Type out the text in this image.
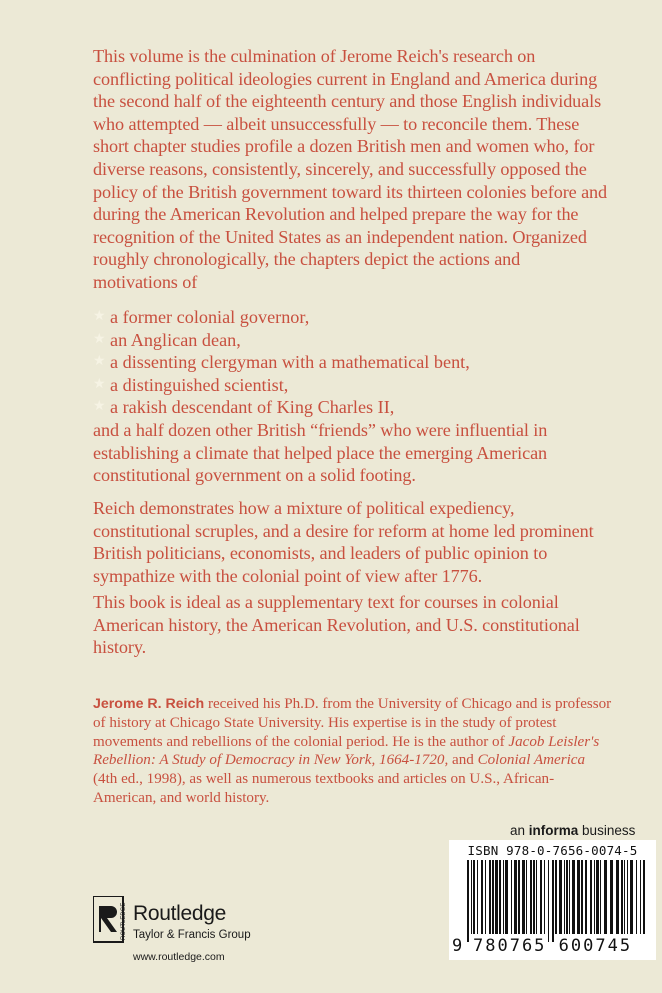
This volume is the culmination of Jerome Reich's research on conflicting political ideologies current in England and America during the second half of the eighteenth century and those English individuals who attempted — albeit unsuccessfully — to reconcile them. These short chapter studies profile a dozen British men and women who, for diverse reasons, consistently, sincerely, and successfully opposed the policy of the British government toward its thirteen colonies before and during the American Revolution and helped prepare the way for the recognition of the United States as an independent nation. Organized roughly chronologically, the chapters depict the actions and motivations of
★ a former colonial governor,
★ an Anglican dean,
★ a dissenting clergyman with a mathematical bent,
★ a distinguished scientist,
★ a rakish descendant of King Charles II,
and a half dozen other British “friends” who were influential in establishing a climate that helped place the emerging American constitutional government on a solid footing.
Reich demonstrates how a mixture of political expediency, constitutional scruples, and a desire for reform at home led prominent British politicians, economists, and leaders of public opinion to sympathize with the colonial point of view after 1776.
This book is ideal as a supplementary text for courses in colonial American history, the American Revolution, and U.S. constitutional history.
Jerome R. Reich received his Ph.D. from the University of Chicago and is professor of history at Chicago State University. His expertise is in the study of protest movements and rebellions of the colonial period. He is the author of Jacob Leisler's Rebellion: A Study of Democracy in New York, 1664-1720, and Colonial America (4th ed., 1998), as well as numerous textbooks and articles on U.S., African-American, and world history.
an informa business
ISBN 978-0-7656-0074-5
9 780765 600745
ROUTLEDGE Routledge
Taylor & Francis Group
www.routledge.com
